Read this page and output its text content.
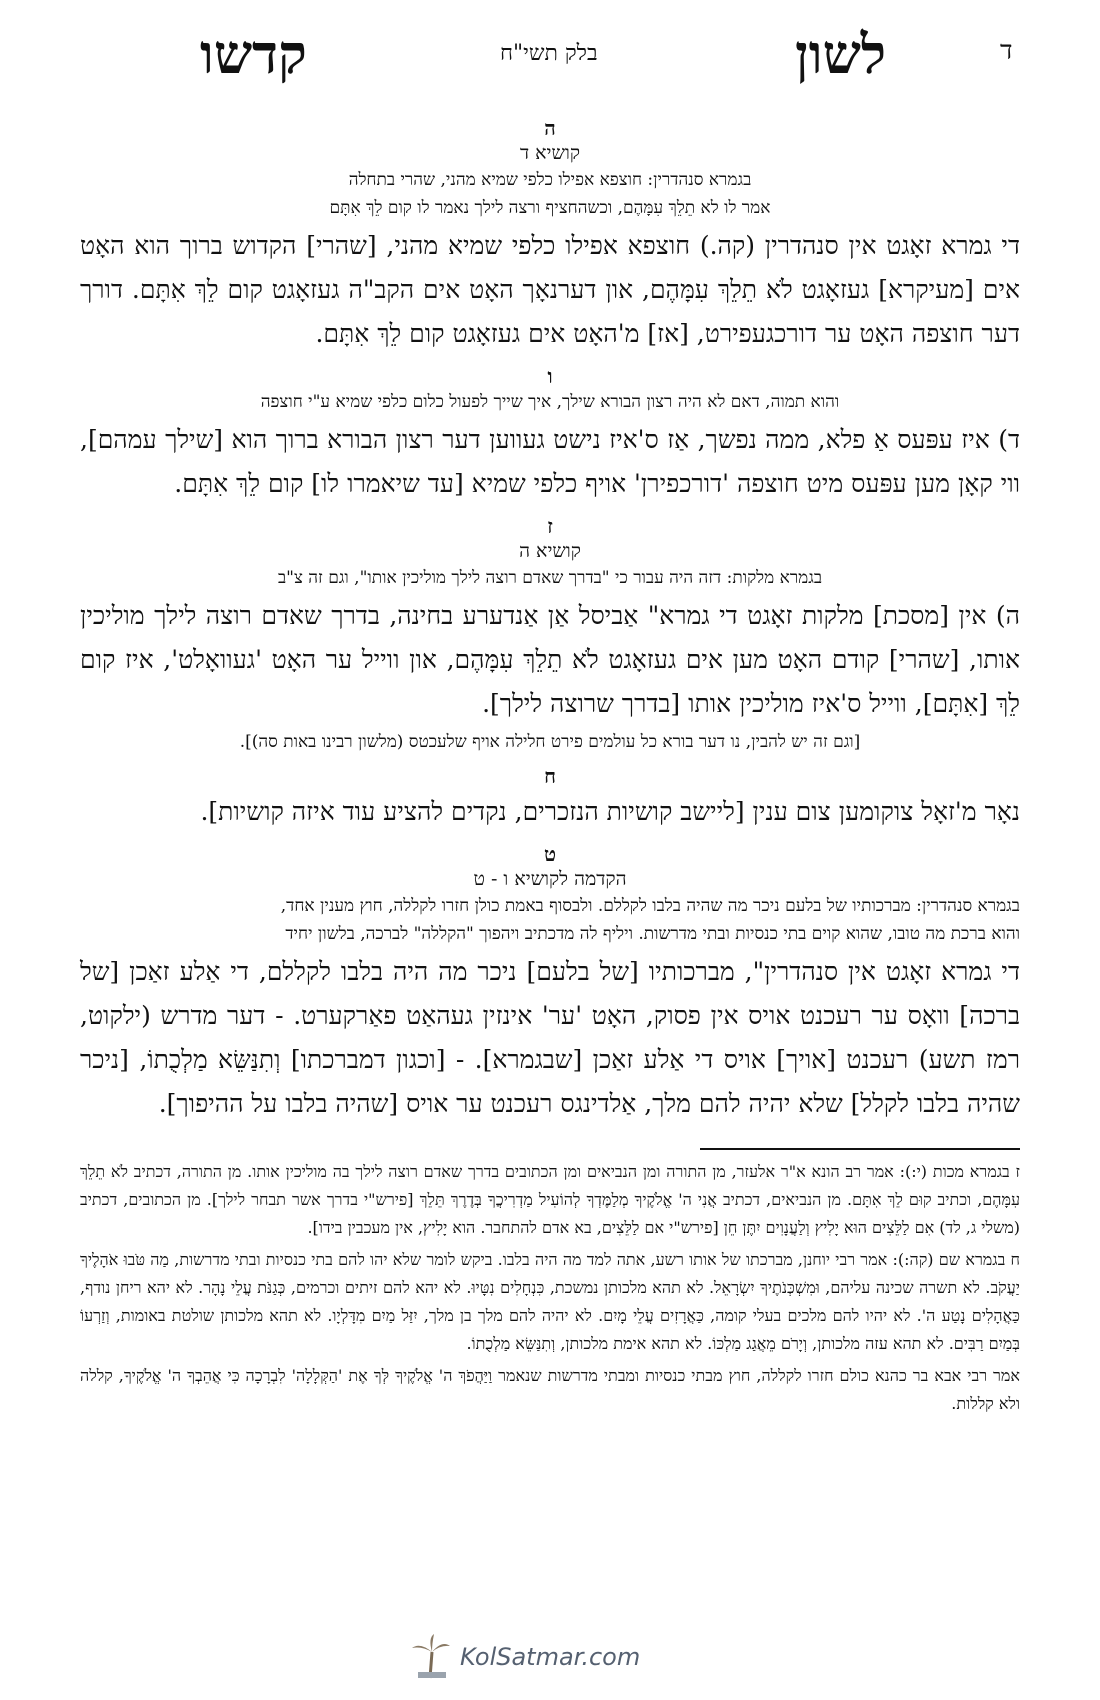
ד
לשון
בלק תשי"ח
קדשו
ה
קושיא ד
בגמרא סנהדרין: חוצפא אפילו כלפי שמיא מהני, שהרי בתחלה
אמר לו לא תֵלֵךְ עִמָּהֶם, וכשהחציף ורצה לילך נאמר לו קום לֵךְ אִתָּם

די גמרא זאָגט אין סנהדרין (קה.) חוצפא אפילו כלפי שמיא מהני, [שהרי] הקדוש ברוך הוא האָט אים [מעיקרא] געזאָגט לֹא תֵלֵךְ עִמָּהֶם, און דערנאָך האָט אים הקב"ה געזאָגט קום לֵךְ אִתָּם. דורך דער חוצפה האָט ער דורכגעפירט, [אז] מ'האָט אים געזאָגט קום לֵךְ אִתָּם.

ו
והוא תמוה, דאם לא היה רצון הבורא שילך, איך שייך לפעול כלום כלפי שמיא ע"י חוצפה

ד) איז עפּעס אַ פלא, ממה נפשך, אַז ס'איז נישט געווען דער רצון הבורא ברוך הוא [שילך עמהם], ווי קאָן מען עפּעס מיט חוצפה 'דורכפירן' אויף כלפי שמיא [עד שיאמרו לו] קום לֵךְ אִתָּם.

ז
קושיא ה
בגמרא מלקות: דזה היה עבור כי "בדרך שאדם רוצה לילך מוליכין אותו", וגם זה צ"ב

ה) אין [מסכת] מלקות זאָגט די גמרא" אַביסל אַן אַנדערע בחינה, בדרך שאדם רוצה לילך מוליכין אותו, [שהרי] קודם האָט מען אים געזאָגט לֹא תֵלֵךְ עִמָּהֶם, און ווייל ער האָט 'געוואָלט', איז קום לֵךְ [אִתָּם], ווייל ס'איז מוליכין אותו [בדרך שרוצה לילך].

[וגם זה יש להבין, נו דער בורא כל עולמים פירט חלילה אויף שלעכטס (מלשון רבינו באות סה)].
ח

נאָר מ'זאָל צוקומען צום ענין [ליישב קושיות הנזכרים, נקדים להציע עוד איזה קושיות].

ט
הקדמה לקושיא ו - ט
בגמרא סנהדרין: מברכותיו של בלעם ניכר מה שהיה בלבו לקללם. ולבסוף באמת כולן חזרו לקללה, חוץ מענין אחד,
והוא ברכת מה טובו, שהוא קוים בתי כנסיות ובתי מדרשות. ויליף לה מדכתיב ויהפוך "הקללה" לברכה, בלשון יחיד

די גמרא זאָגט אין סנהדרין", מברכותיו [של בלעם] ניכר מה היה בלבו לקללם, די אַלע זאַכן [של ברכה] וואָס ער רעכנט אויס אין פסוק, האָט 'ער' אינזין געהאַט פאַרקערט. - דער מדרש (ילקוט, רמז תשע) רעכנט [אויך] אויס די אַלע זאַכן [שבגמרא]. - [וכגון דמברכתו] וְתִנַּשֵּׂא מַלְכֻתוֹ, [ניכר שהיה בלבו לקלל] שלא יהיה להם מלך, אַלדינגס רעכנט ער אויס [שהיה בלבו על ההיפוך].

ז בגמרא מכות (י:): אמר רב הונא א"ר אלעזר, מן התורה ומן הנביאים ומן הכתובים בדרך שאדם רוצה לילך בה מוליכין אותו. מן התורה, דכתיב לֹא תֵלֵךְ עִמָּהֶם, וכתיב קוּם לֵךְ אִתָּם. מן הנביאים, דכתיב אֲנִי ה' אֱלֹקֶיךָ מְלַמֶּדְךָ לְהוֹעִיל מַדְרִיכֲךָ בְּדֶרֶךְ תֵּלֵךְ [פירש"י בדרך אשר תבחר לילך]. מן הכתובים, דכתיב (משלי ג, לד) אִם לַלֵּצִים הוּא יָלִיץ וְלַעֲנָוִים יִתֶּן חֵן [פירש"י אם לַלֵּצִים, בא אדם להתחבר. הוא יָלִיץ, אין מעכבין בידו].

ח בגמרא שם (קה:): אמר רבי יוחנן, מברכתו של אותו רשע, אתה למד מה היה בלבו. ביקש לומר שלא יהו להם בתי כנסיות ובתי מדרשות, מַה טֹּבוּ אֹהָלֶיךָ יַעֲקֹב. לא תשרה שכינה עליהם, וּמִשְׁכְּנֹתֶיךָ יִשְׂרָאֵל. לא תהא מלכותן נמשכת, כִּנְחָלִים נִטָּיוּ. לא יהא להם זיתים וכרמים, כְּגַנֹּת עֲלֵי נָהָר. לא יהא ריחן נודף, כַּאֲהָלִים נָטַע ה'. לא יהיו להם מלכים בעלי קומה, כַּאֲרָזִים עֲלֵי מָיִם. לא יהיה להם מלך בן מלך, יִזַּל מַיִם מִדָּלְיָו. לא תהא מלכותן שולטת באומות, וְזַרְעוֹ בְּמַיִם רַבִּים. לא תהא עזה מלכותן, וְיָרֹם מֵאֲגַג מַלְכּוֹ. לא תהא אימת מלכותן, וְתִנַּשֵּׂא מַלְכֻתוֹ.

אמר רבי אבא בר כהנא כולם חזרו לקללה, חוץ מבתי כנסיות ומבתי מדרשות שנאמר וַיַּהֲפֹךְ ה' אֱלֹקֶיךָ לְּךָ אֶת 'הַקְּלָלָה' לִבְרָכָה כִּי אֲהֵבְךָ ה' אֱלֹקֶיךָ, קללה ולא קללות.

KolSatmar.com
